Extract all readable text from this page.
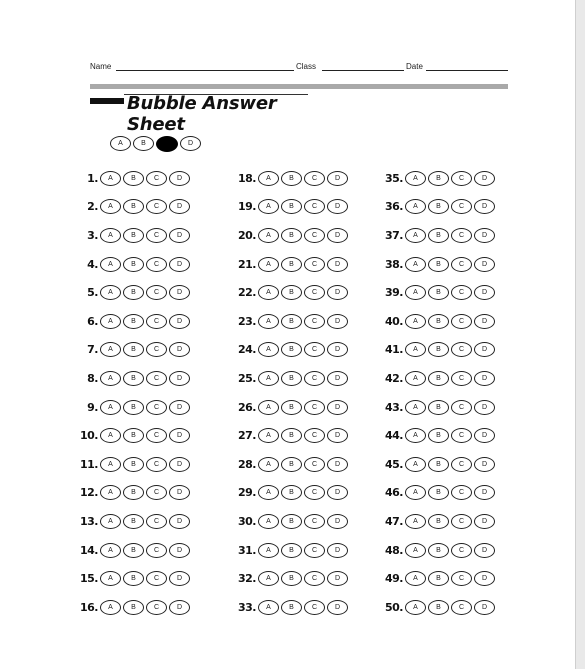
Name	Class	Date
Bubble Answer Sheet
A	B	D
1.	A	B	C	D
2.	A	B	C	D
3.	A	B	C	D
4.	A	B	C	D
5.	A	B	C	D
6.	A	B	C	D
7.	A	B	C	D
8.	A	B	C	D
9.	A	B	C	D
10.	A	B	C	D
11.	A	B	C	D
12.	A	B	C	D
13.	A	B	C	D
14.	A	B	C	D
15.	A	B	C	D
16.	A	B	C	D
18.	A	B	C	D
19.	A	B	C	D
20.	A	B	C	D
21.	A	B	C	D
22.	A	B	C	D
23.	A	B	C	D
24.	A	B	C	D
25.	A	B	C	D
26.	A	B	C	D
27.	A	B	C	D
28.	A	B	C	D
29.	A	B	C	D
30.	A	B	C	D
31.	A	B	C	D
32.	A	B	C	D
33.	A	B	C	D
35.	A	B	C	D
36.	A	B	C	D
37.	A	B	C	D
38.	A	B	C	D
39.	A	B	C	D
40.	A	B	C	D
41.	A	B	C	D
42.	A	B	C	D
43.	A	B	C	D
44.	A	B	C	D
45.	A	B	C	D
46.	A	B	C	D
47.	A	B	C	D
48.	A	B	C	D
49.	A	B	C	D
50.	A	B	C	D
